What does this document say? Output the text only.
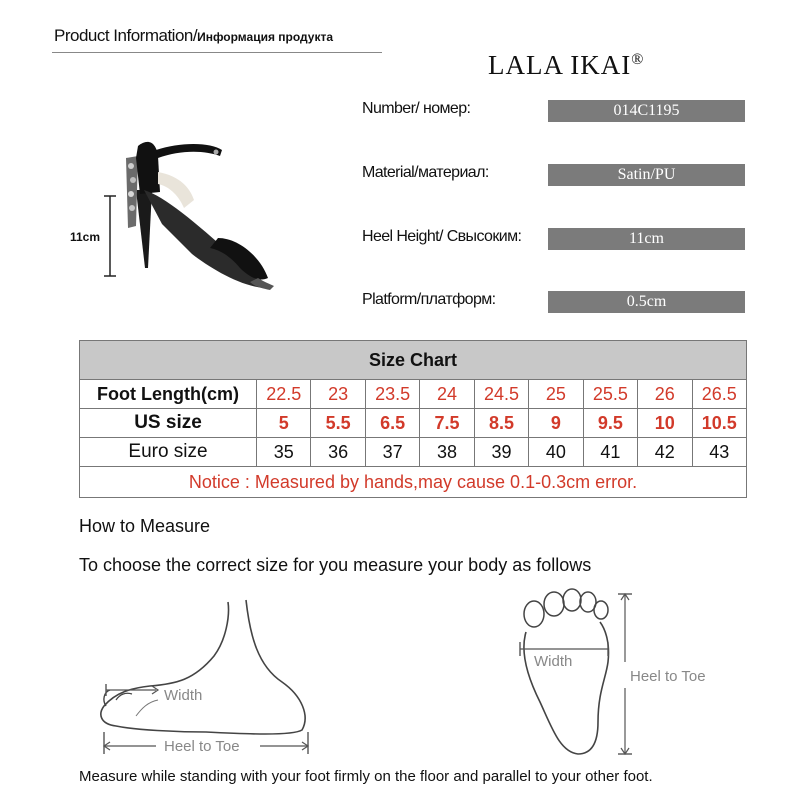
Product Information/Информация продукта
LALA IKAI®
Number/ номер:	014C1195
Material/материал:	Satin/PU
Heel Height/ Свысоким:	11cm
Platform/платформ:	0.5cm
11cm
Size Chart
Foot Length(cm)	22.5	23	23.5	24	24.5	25	25.5	26	26.5
US size	5	5.5	6.5	7.5	8.5	9	9.5	10	10.5
Euro size	35	36	37	38	39	40	41	42	43
Notice : Measured by hands,may cause 0.1-0.3cm error.
How to Measure
To choose the correct size for you measure your body as follows
Width
Heel to Toe
Width
Heel to Toe
Measure while standing with your foot firmly on the floor and parallel to your other foot.
